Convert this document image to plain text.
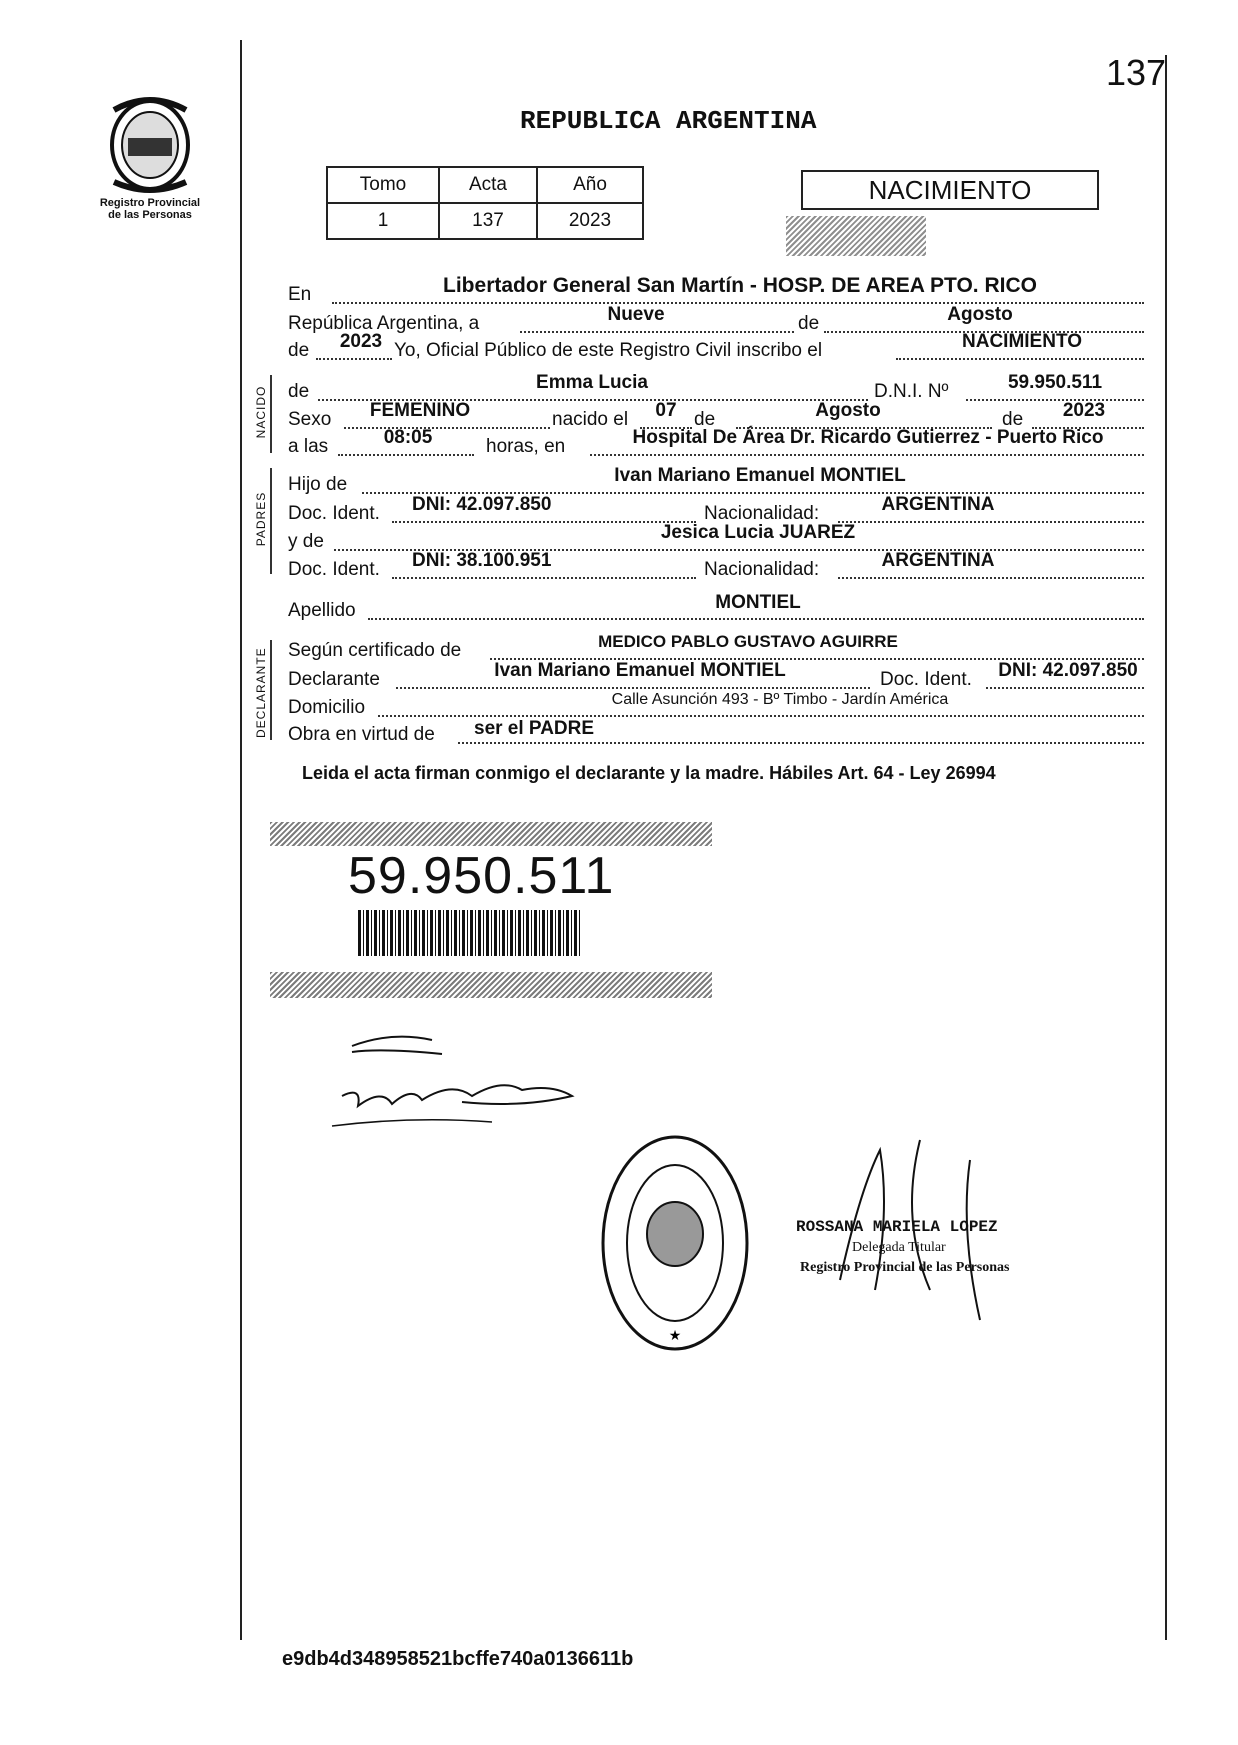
137
Registro Provincial
de las Personas
REPUBLICA ARGENTINA
Tomo	Acta	Año
1	137	2023
NACIMIENTO
En	Libertador General San Martín - HOSP. DE AREA PTO. RICO
República Argentina, a	Nueve	de	Agosto
de 2023 Yo, Oficial Público de este Registro Civil inscribo el	NACIMIENTO
NACIDO de	Emma Lucia	D.N.I. Nº	59.950.511
Sexo FEMENINO	nacido el 07 de	Agosto	de 2023
a las	08:05	horas, en	Hospital De Área Dr. Ricardo Gutierrez - Puerto Rico
PADRES
Hijo de	Ivan Mariano Emanuel MONTIEL
Doc. Ident. DNI: 42.097.850	Nacionalidad:	ARGENTINA
y de	Jesica Lucia JUAREZ
Doc. Ident. DNI: 38.100.951	Nacionalidad:	ARGENTINA
Apellido	MONTIEL
DECLARANTE Según certificado de	MEDICO PABLO GUSTAVO AGUIRRE
Declarante	Ivan Mariano Emanuel MONTIEL	Doc. Ident. DNI: 42.097.850
Domicilio	Calle Asunción 493 - Bº Timbo - Jardín América
Obra en virtud de ser el PADRE
Leida el acta firman conmigo el declarante y la madre. Hábiles Art. 64 - Ley 26994
59.950.511
★
ROSSANA MARIELA LOPEZ
Delegada Titular
Registro Provincial de las Personas
e9db4d348958521bcffe740a0136611b
